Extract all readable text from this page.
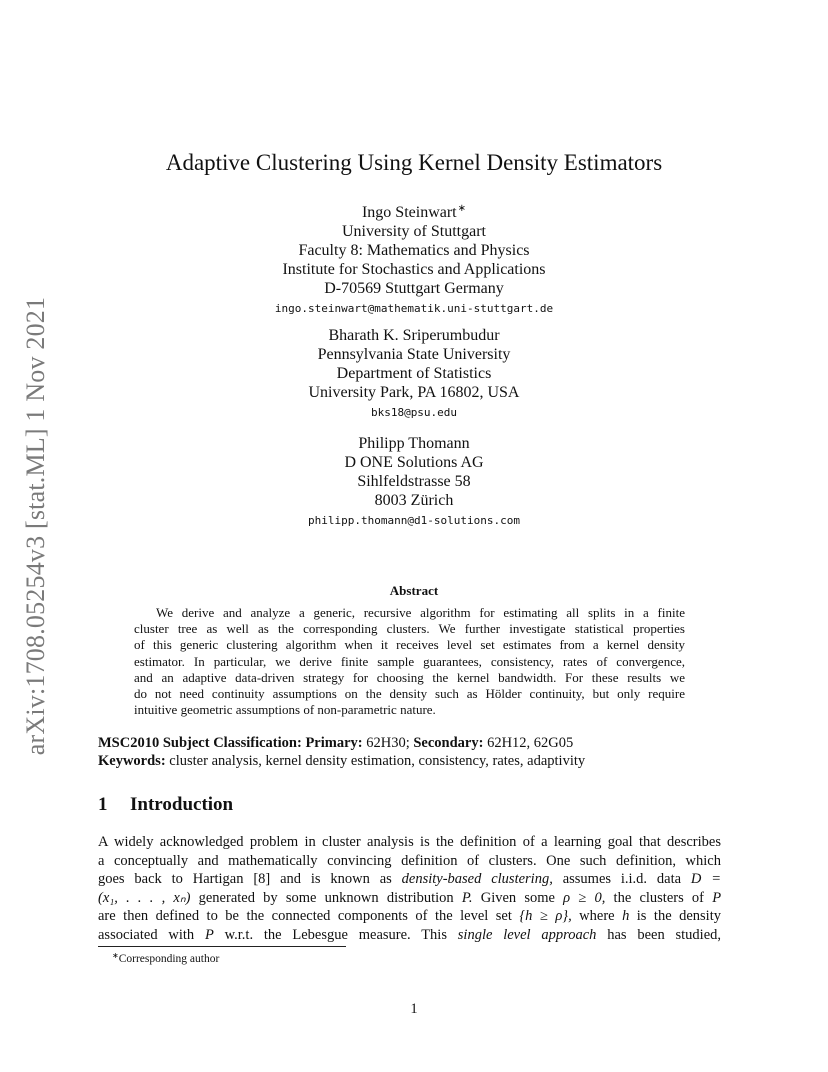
arXiv:1708.05254v3 [stat.ML] 1 Nov 2021
Adaptive Clustering Using Kernel Density Estimators
Ingo Steinwart∗
University of Stuttgart
Faculty 8: Mathematics and Physics
Institute for Stochastics and Applications
D-70569 Stuttgart Germany
ingo.steinwart@mathematik.uni-stuttgart.de
Bharath K. Sriperumbudur
Pennsylvania State University
Department of Statistics
University Park, PA 16802, USA
bks18@psu.edu
Philipp Thomann
D ONE Solutions AG
Sihlfeldstrasse 58
8003 Zürich
philipp.thomann@d1-solutions.com
Abstract
We derive and analyze a generic, recursive algorithm for estimating all splits in a finite
cluster tree as well as the corresponding clusters. We further investigate statistical properties
of this generic clustering algorithm when it receives level set estimates from a kernel density
estimator. In particular, we derive finite sample guarantees, consistency, rates of convergence,
and an adaptive data-driven strategy for choosing the kernel bandwidth. For these results we
do not need continuity assumptions on the density such as Hölder continuity, but only require
intuitive geometric assumptions of non-parametric nature.
MSC2010 Subject Classification: Primary: 62H30; Secondary: 62H12, 62G05
Keywords: cluster analysis, kernel density estimation, consistency, rates, adaptivity
1 Introduction
A widely acknowledged problem in cluster analysis is the definition of a learning goal that describes
a conceptually and mathematically convincing definition of clusters. One such definition, which
goes back to Hartigan [8] and is known as density-based clustering, assumes i.i.d. data D =
(x₁, . . . , xₙ) generated by some unknown distribution P. Given some ρ ≥ 0, the clusters of P
are then defined to be the connected components of the level set {h ≥ ρ}, where h is the density
associated with P w.r.t. the Lebesgue measure. This single level approach has been studied,
∗Corresponding author
1
